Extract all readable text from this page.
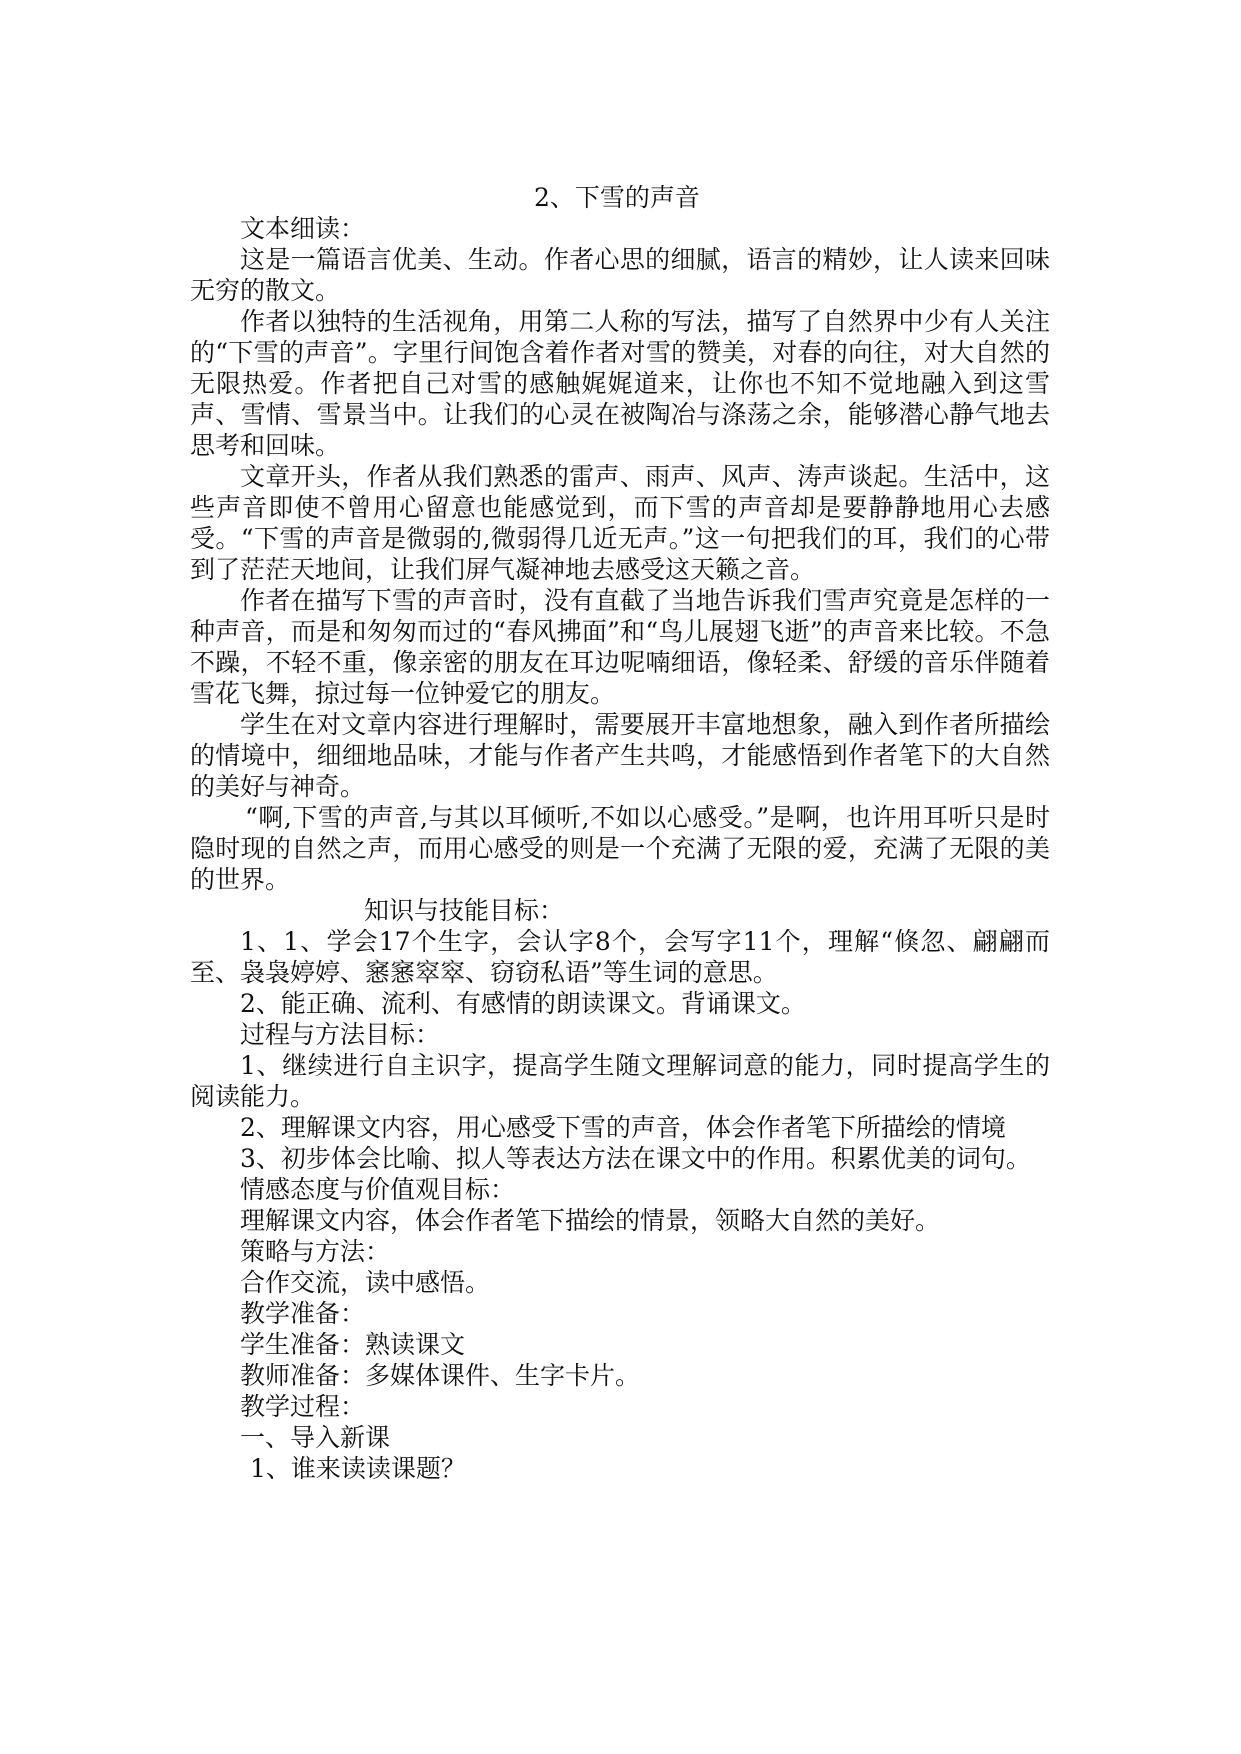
2、下雪的声音

文本细读：

这是一篇语言优美、生动。作者心思的细腻，语言的精妙，让人读来回味无穷的散文。

作者以独特的生活视角，用第二人称的写法，描写了自然界中少有人关注的“下雪的声音”。字里行间饱含着作者对雪的赞美，对春的向往，对大自然的无限热爱。作者把自己对雪的感触娓娓道来，让你也不知不觉地融入到这雪声、雪情、雪景当中。让我们的心灵在被陶冶与涤荡之余，能够潜心静气地去思考和回味。

文章开头，作者从我们熟悉的雷声、雨声、风声、涛声谈起。生活中，这些声音即使不曾用心留意也能感觉到，而下雪的声音却是要静静地用心去感受。“下雪的声音是微弱的,微弱得几近无声。”这一句把我们的耳，我们的心带到了茫茫天地间，让我们屏气凝神地去感受这天籁之音。

作者在描写下雪的声音时，没有直截了当地告诉我们雪声究竟是怎样的一种声音，而是和匆匆而过的“春风拂面”和“鸟儿展翅飞逝”的声音来比较。不急不躁，不轻不重，像亲密的朋友在耳边呢喃细语，像轻柔、舒缓的音乐伴随着雪花飞舞，掠过每一位钟爱它的朋友。

学生在对文章内容进行理解时，需要展开丰富地想象，融入到作者所描绘的情境中，细细地品味，才能与作者产生共鸣，才能感悟到作者笔下的大自然的美好与神奇。

“啊,下雪的声音,与其以耳倾听,不如以心感受。”是啊，也许用耳听只是时隐时现的自然之声，而用心感受的则是一个充满了无限的爱，充满了无限的美的世界。

知识与技能目标：

1、1、学会17个生字，会认字8个，会写字11个，理解“倏忽、翩翩而至、袅袅婷婷、窸窸窣窣、窃窃私语”等生词的意思。

2、能正确、流利、有感情的朗读课文。背诵课文。

过程与方法目标：

1、继续进行自主识字，提高学生随文理解词意的能力，同时提高学生的阅读能力。

2、理解课文内容，用心感受下雪的声音，体会作者笔下所描绘的情境

3、初步体会比喻、拟人等表达方法在课文中的作用。积累优美的词句。

情感态度与价值观目标：

理解课文内容，体会作者笔下描绘的情景，领略大自然的美好。

策略与方法：

合作交流，读中感悟。

教学准备：

学生准备：熟读课文

教师准备：多媒体课件、生字卡片。

教学过程：

一、导入新课

1、谁来读读课题？
